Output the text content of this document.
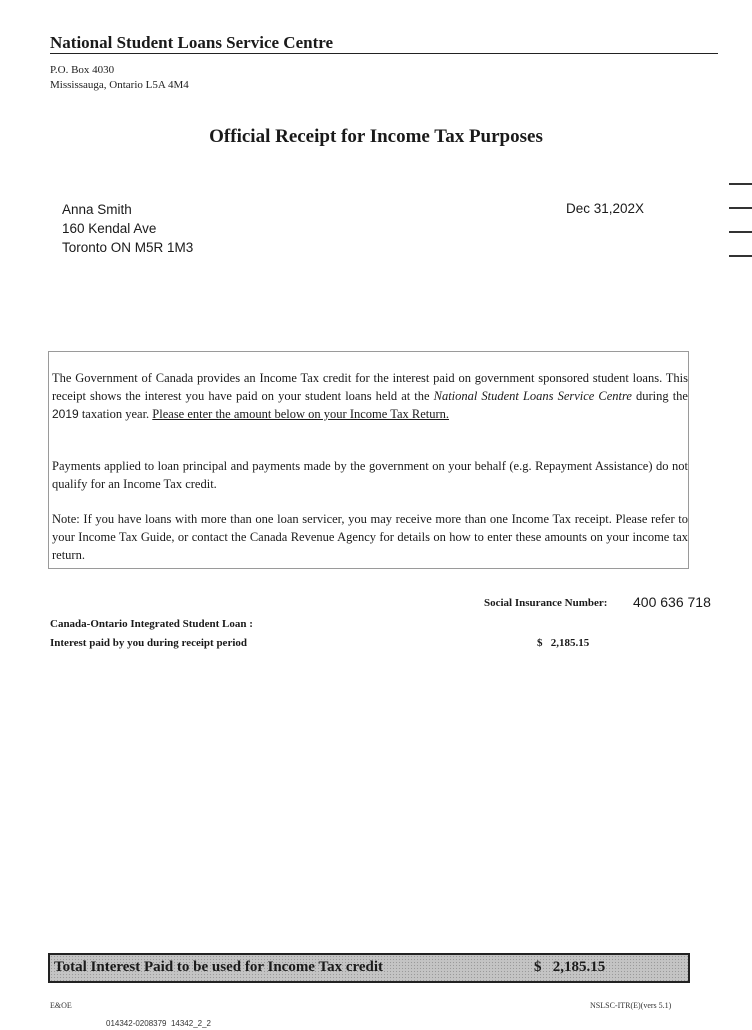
National Student Loans Service Centre
P.O. Box 4030
Mississauga, Ontario L5A 4M4
Official Receipt for Income Tax Purposes
Anna Smith
160 Kendal Ave
Toronto ON M5R 1M3
Dec 31,202X
The Government of Canada provides an Income Tax credit for the interest paid on government sponsored student loans. This receipt shows the interest you have paid on your student loans held at the National Student Loans Service Centre during the 2019 taxation year. Please enter the amount below on your Income Tax Return.
Payments applied to loan principal and payments made by the government on your behalf (e.g. Repayment Assistance) do not qualify for an Income Tax credit.
Note: If you have loans with more than one loan servicer, you may receive more than one Income Tax receipt. Please refer to your Income Tax Guide, or contact the Canada Revenue Agency for details on how to enter these amounts on your income tax return.
Social Insurance Number: 400 636 718
Canada-Ontario Integrated Student Loan :
Interest paid by you during receipt period	$   2,185.15
Total Interest Paid to be used for Income Tax credit	$   2,185.15
E&OE	NSLSC-ITR(E)(vers 5.1)
014342-0208379  14342_2_2
